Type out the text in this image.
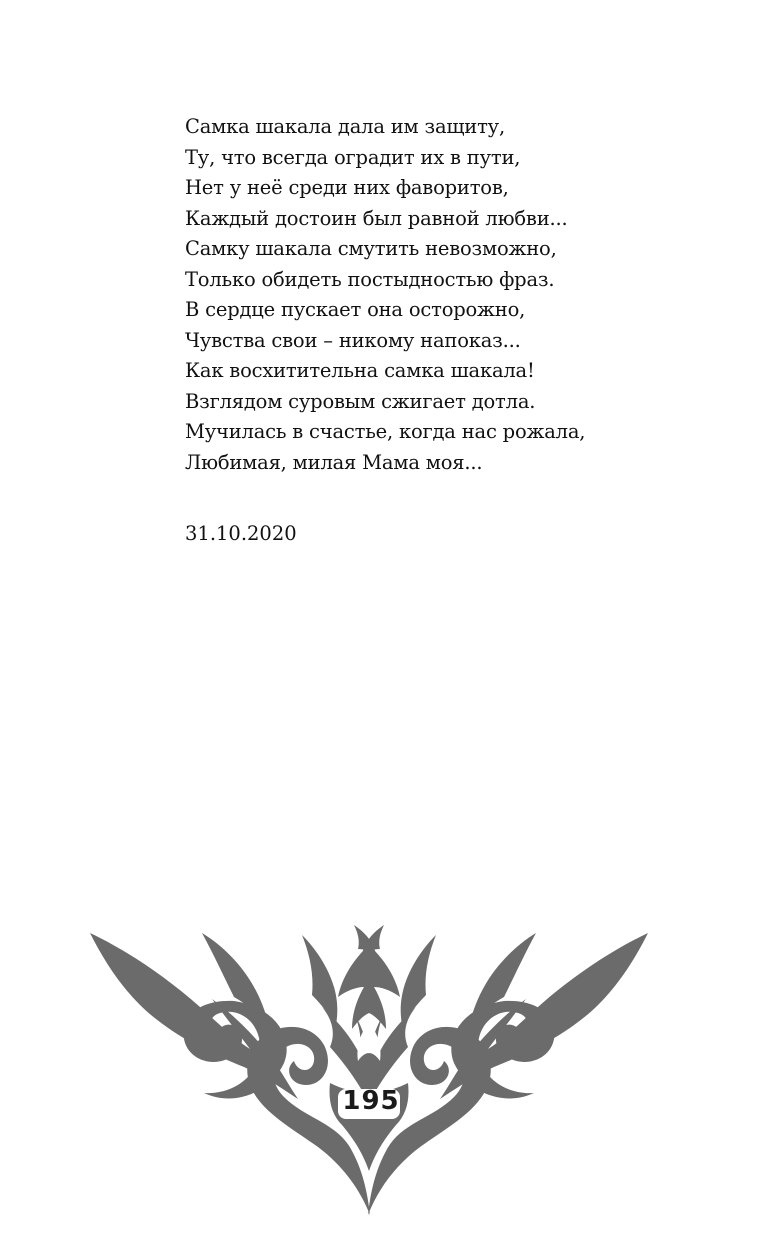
Самка шакала дала им защиту,
Ту, что всегда оградит их в пути,
Нет у неё среди них фаворитов,
Каждый достоин был равной любви...
Самку шакала смутить невозможно,
Только обидеть постыдностью фраз.
В сердце пускает она осторожно,
Чувства свои – никому напоказ...
Как восхитительна самка шакала!
Взглядом суровым сжигает дотла.
Мучилась в счастье, когда нас рожала,
Любимая, милая Мама моя...
31.10.2020
195
